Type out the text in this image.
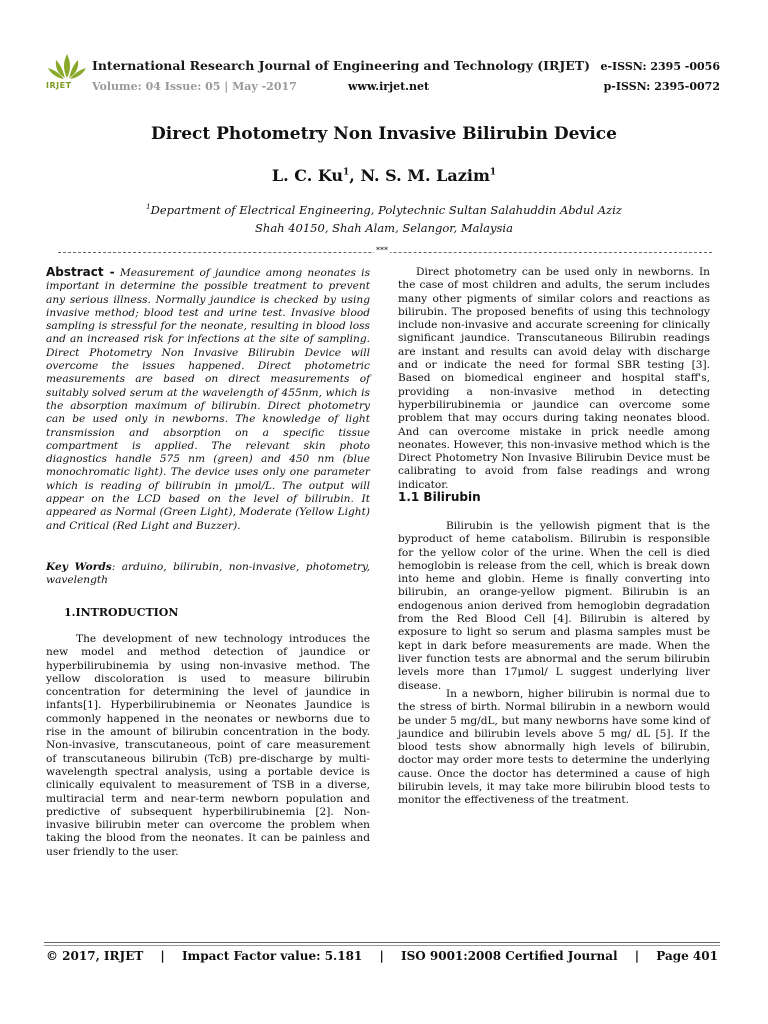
IRJET
International Research Journal of Engineering and Technology (IRJET)
Volume: 04 Issue: 05 | May -2017	www.irjet.net
e-ISSN: 2395 -0056
p-ISSN: 2395-0072
Direct Photometry Non Invasive Bilirubin Device
L. C. Ku$^1$, N. S. M. Lazim$^1$
$^1$Department of Electrical Engineering, Polytechnic Sultan Salahuddin Abdul Aziz
Shah 40150, Shah Alam, Selangor, Malaysia
***

Abstract - Measurement of jaundice among neonates is important in determine the possible treatment to prevent any serious illness. Normally jaundice is checked by using invasive method; blood test and urine test. Invasive blood sampling is stressful for the neonate, resulting in blood loss and an increased risk for infections at the site of sampling. Direct Photometry Non Invasive Bilirubin Device will overcome the issues happened. Direct photometric measurements are based on direct measurements of suitably solved serum at the wavelength of 455nm, which is the absorption maximum of bilirubin. Direct photometry can be used only in newborns. The knowledge of light transmission and absorption on a specific tissue compartment is applied. The relevant skin photo diagnostics handle 575 nm (green) and 450 nm (blue monochromatic light). The device uses only one parameter which is reading of bilirubin in μmol/L. The output will appear on the LCD based on the level of bilirubin. It appeared as Normal (Green Light), Moderate (Yellow Light) and Critical (Red Light and Buzzer).

Key Words: arduino, bilirubin, non-invasive, photometry, wavelength

1.INTRODUCTION

The development of new technology introduces the new model and method detection of jaundice or hyperbilirubinemia by using non-invasive method. The yellow discoloration is used to measure bilirubin concentration for determining the level of jaundice in infants[1]. Hyperbilirubinemia or Neonates Jaundice is commonly happened in the neonates or newborns due to rise in the amount of bilirubin concentration in the body. Non-invasive, transcutaneous, point of care measurement of transcutaneous bilirubin (TcB) pre-discharge by multi-wavelength spectral analysis, using a portable device is clinically equivalent to measurement of TSB in a diverse, multiracial term and near-term newborn population and predictive of subsequent hyperbilirubinemia [2]. Non-invasive bilirubin meter can overcome the problem when taking the blood from the neonates. It can be painless and user friendly to the user.

Direct photometry can be used only in newborns. In the case of most children and adults, the serum includes many other pigments of similar colors and reactions as bilirubin. The proposed benefits of using this technology include non-invasive and accurate screening for clinically significant jaundice. Transcutaneous Bilirubin readings are instant and results can avoid delay with discharge and or indicate the need for formal SBR testing [3]. Based on biomedical engineer and hospital staff's, providing a non-invasive method in detecting hyperbilirubinemia or jaundice can overcome some problem that may occurs during taking neonates blood. And can overcome mistake in prick needle among neonates. However, this non-invasive method which is the Direct Photometry Non Invasive Bilirubin Device must be calibrating to avoid from false readings and wrong indicator.

1.1 Bilirubin

Bilirubin is the yellowish pigment that is the byproduct of heme catabolism. Bilirubin is responsible for the yellow color of the urine. When the cell is died hemoglobin is release from the cell, which is break down into heme and globin. Heme is finally converting into bilirubin, an orange-yellow pigment. Bilirubin is an endogenous anion derived from hemoglobin degradation from the Red Blood Cell [4]. Bilirubin is altered by exposure to light so serum and plasma samples must be kept in dark before measurements are made. When the liver function tests are abnormal and the serum bilirubin levels more than 17μmol/ L suggest underlying liver disease.

In a newborn, higher bilirubin is normal due to the stress of birth. Normal bilirubin in a newborn would be under 5 mg/dL, but many newborns have some kind of jaundice and bilirubin levels above 5 mg/ dL [5]. If the blood tests show abnormally high levels of bilirubin, doctor may order more tests to determine the underlying cause. Once the doctor has determined a cause of high bilirubin levels, it may take more bilirubin blood tests to monitor the effectiveness of the treatment.

© 2017, IRJET | Impact Factor value: 5.181 | ISO 9001:2008 Certified Journal | Page 401
